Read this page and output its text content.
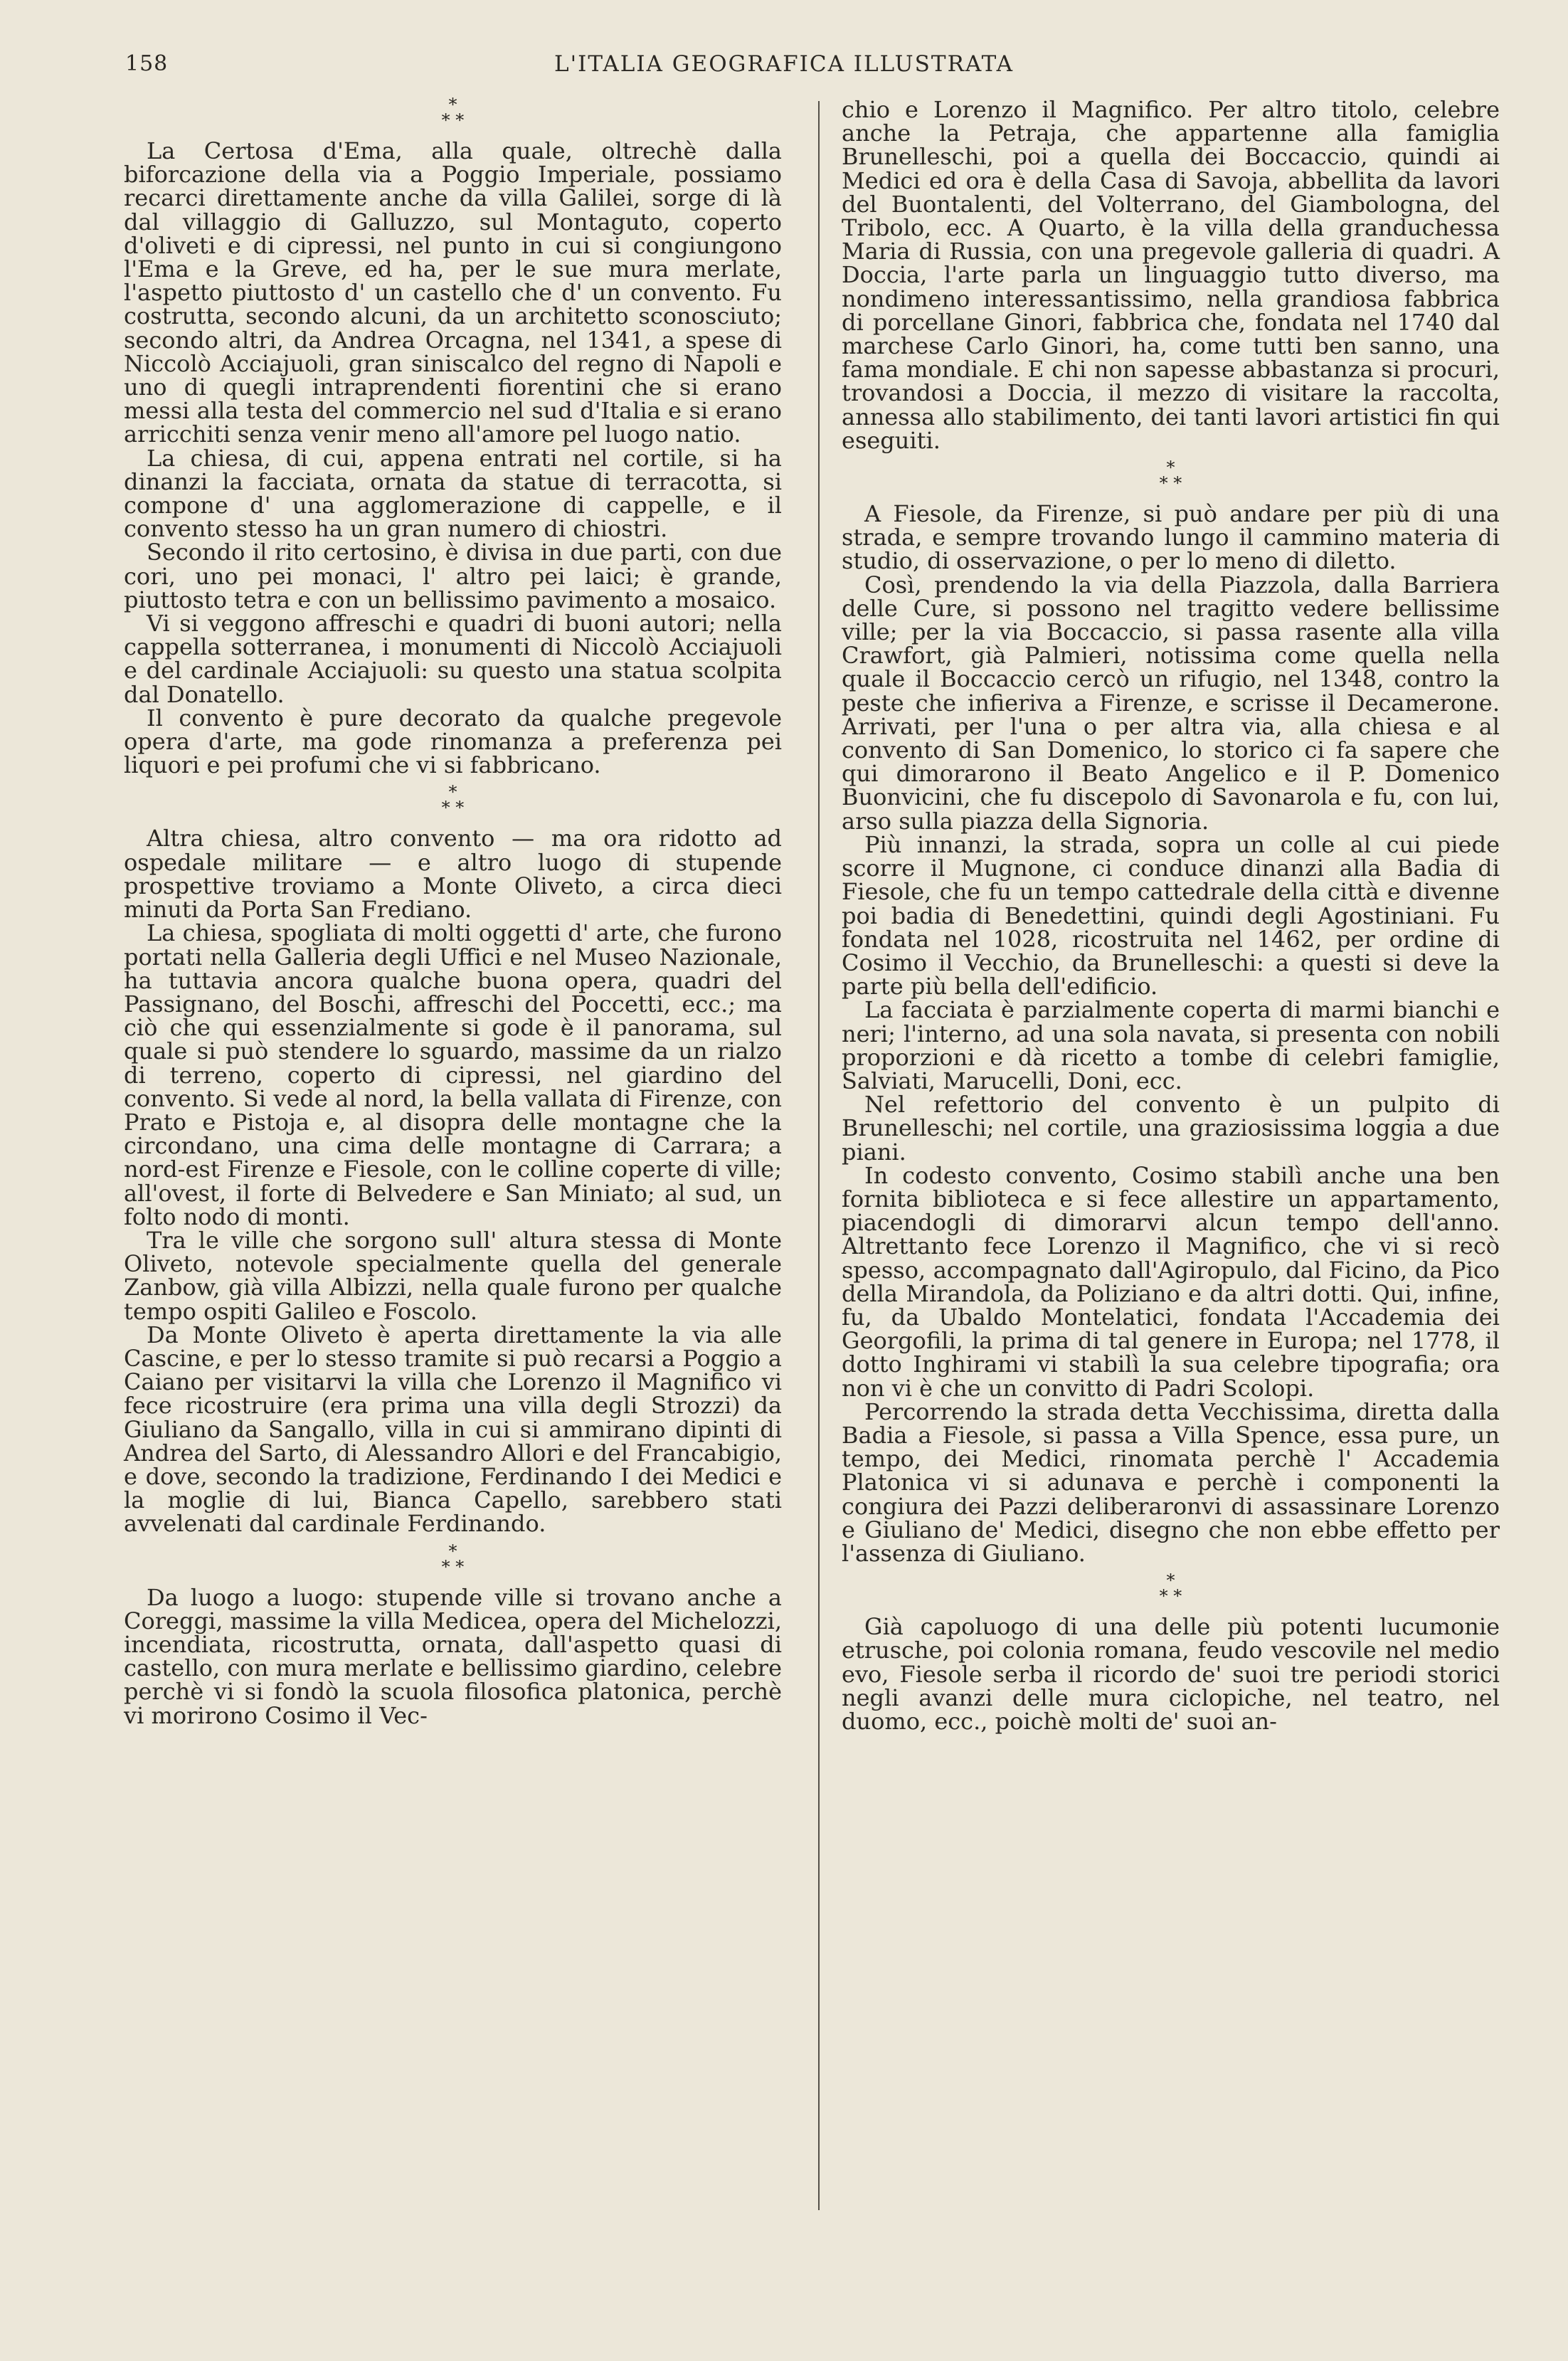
158	L'ITALIA GEOGRAFICA ILLUSTRATA
*
* *

La Certosa d'Ema, alla quale, oltrechè dalla biforcazione della via a Poggio Imperiale, possiamo recarci direttamente anche da villa Galilei, sorge di là dal villaggio di Galluzzo, sul Montaguto, coperto d'oliveti e di cipressi, nel punto in cui si congiungono l'Ema e la Greve, ed ha, per le sue mura merlate, l'aspetto piuttosto d' un castello che d' un convento. Fu costrutta, secondo alcuni, da un architetto sconosciuto; secondo altri, da Andrea Orcagna, nel 1341, a spese di Niccolò Acciajuoli, gran siniscalco del regno di Napoli e uno di quegli intraprendenti fiorentini che si erano messi alla testa del commercio nel sud d'Italia e si erano arricchiti senza venir meno all'amore pel luogo natio.

La chiesa, di cui, appena entrati nel cortile, si ha dinanzi la facciata, ornata da statue di terracotta, si compone d' una agglomerazione di cappelle, e il convento stesso ha un gran numero di chiostri.

Secondo il rito certosino, è divisa in due parti, con due cori, uno pei monaci, l' altro pei laici; è grande, piuttosto tetra e con un bellissimo pavimento a mosaico.

Vi si veggono affreschi e quadri di buoni autori; nella cappella sotterranea, i monumenti di Niccolò Acciajuoli e del cardinale Acciajuoli: su questo una statua scolpita dal Donatello.

Il convento è pure decorato da qualche pregevole opera d'arte, ma gode rinomanza a preferenza pei liquori e pei profumi che vi si fabbricano.

*
* *

Altra chiesa, altro convento — ma ora ridotto ad ospedale militare — e altro luogo di stupende prospettive troviamo a Monte Oliveto, a circa dieci minuti da Porta San Frediano.

La chiesa, spogliata di molti oggetti d' arte, che furono portati nella Galleria degli Uffici e nel Museo Nazionale, ha tuttavia ancora qualche buona opera, quadri del Passignano, del Boschi, affreschi del Poccetti, ecc.; ma ciò che qui essenzialmente si gode è il panorama, sul quale si può stendere lo sguardo, massime da un rialzo di terreno, coperto di cipressi, nel giardino del convento. Si vede al nord, la bella vallata di Firenze, con Prato e Pistoja e, al disopra delle montagne che la circondano, una cima delle montagne di Carrara; a nord-est Firenze e Fiesole, con le colline coperte di ville; all'ovest, il forte di Belvedere e San Miniato; al sud, un folto nodo di monti.

Tra le ville che sorgono sull' altura stessa di Monte Oliveto, notevole specialmente quella del generale Zanbow, già villa Albizzi, nella quale furono per qualche tempo ospiti Galileo e Foscolo.

Da Monte Oliveto è aperta direttamente la via alle Cascine, e per lo stesso tramite si può recarsi a Poggio a Caiano per visitarvi la villa che Lorenzo il Magnifico vi fece ricostruire (era prima una villa degli Strozzi) da Giuliano da Sangallo, villa in cui si ammirano dipinti di Andrea del Sarto, di Alessandro Allori e del Francabigio, e dove, secondo la tradizione, Ferdinando I dei Medici e la moglie di lui, Bianca Capello, sarebbero stati avvelenati dal cardinale Ferdinando.

*
* *

Da luogo a luogo: stupende ville si trovano anche a Coreggi, massime la villa Medicea, opera del Michelozzi, incendiata, ricostrutta, ornata, dall'aspetto quasi di castello, con mura merlate e bellissimo giardino, celebre perchè vi si fondò la scuola filosofica platonica, perchè vi morirono Cosimo il Vec-

chio e Lorenzo il Magnifico. Per altro titolo, celebre anche la Petraja, che appartenne alla famiglia Brunelleschi, poi a quella dei Boccaccio, quindi ai Medici ed ora è della Casa di Savoja, abbellita da lavori del Buontalenti, del Volterrano, del Giambologna, del Tribolo, ecc. A Quarto, è la villa della granduchessa Maria di Russia, con una pregevole galleria di quadri. A Doccia, l'arte parla un linguaggio tutto diverso, ma nondimeno interessantissimo, nella grandiosa fabbrica di porcellane Ginori, fabbrica che, fondata nel 1740 dal marchese Carlo Ginori, ha, come tutti ben sanno, una fama mondiale. E chi non sapesse abbastanza si procuri, trovandosi a Doccia, il mezzo di visitare la raccolta, annessa allo stabilimento, dei tanti lavori artistici fin qui eseguiti.

*
* *

A Fiesole, da Firenze, si può andare per più di una strada, e sempre trovando lungo il cammino materia di studio, di osservazione, o per lo meno di diletto.

Così, prendendo la via della Piazzola, dalla Barriera delle Cure, si possono nel tragitto vedere bellissime ville; per la via Boccaccio, si passa rasente alla villa Crawfort, già Palmieri, notissima come quella nella quale il Boccaccio cercò un rifugio, nel 1348, contro la peste che infieriva a Firenze, e scrisse il Decamerone. Arrivati, per l'una o per altra via, alla chiesa e al convento di San Domenico, lo storico ci fa sapere che qui dimorarono il Beato Angelico e il P. Domenico Buonvicini, che fu discepolo di Savonarola e fu, con lui, arso sulla piazza della Signoria.

Più innanzi, la strada, sopra un colle al cui piede scorre il Mugnone, ci conduce dinanzi alla Badia di Fiesole, che fu un tempo cattedrale della città e divenne poi badia di Benedettini, quindi degli Agostiniani. Fu fondata nel 1028, ricostruita nel 1462, per ordine di Cosimo il Vecchio, da Brunelleschi: a questi si deve la parte più bella dell'edificio.

La facciata è parzialmente coperta di marmi bianchi e neri; l'interno, ad una sola navata, si presenta con nobili proporzioni e dà ricetto a tombe di celebri famiglie, Salviati, Marucelli, Doni, ecc.

Nel refettorio del convento è un pulpito di Brunelleschi; nel cortile, una graziosissima loggia a due piani.

In codesto convento, Cosimo stabilì anche una ben fornita biblioteca e si fece allestire un appartamento, piacendogli di dimorarvi alcun tempo dell'anno. Altrettanto fece Lorenzo il Magnifico, che vi si recò spesso, accompagnato dall'Agiropulo, dal Ficino, da Pico della Mirandola, da Poliziano e da altri dotti. Qui, infine, fu, da Ubaldo Montelatici, fondata l'Accademia dei Georgofili, la prima di tal genere in Europa; nel 1778, il dotto Inghirami vi stabilì la sua celebre tipografia; ora non vi è che un convitto di Padri Scolopi.

Percorrendo la strada detta Vecchissima, diretta dalla Badia a Fiesole, si passa a Villa Spence, essa pure, un tempo, dei Medici, rinomata perchè l' Accademia Platonica vi si adunava e perchè i componenti la congiura dei Pazzi deliberaronvi di assassinare Lorenzo e Giuliano de' Medici, disegno che non ebbe effetto per l'assenza di Giuliano.

*
* *

Già capoluogo di una delle più potenti lucumonie etrusche, poi colonia romana, feudo vescovile nel medio evo, Fiesole serba il ricordo de' suoi tre periodi storici negli avanzi delle mura ciclopiche, nel teatro, nel duomo, ecc., poichè molti de' suoi an-
